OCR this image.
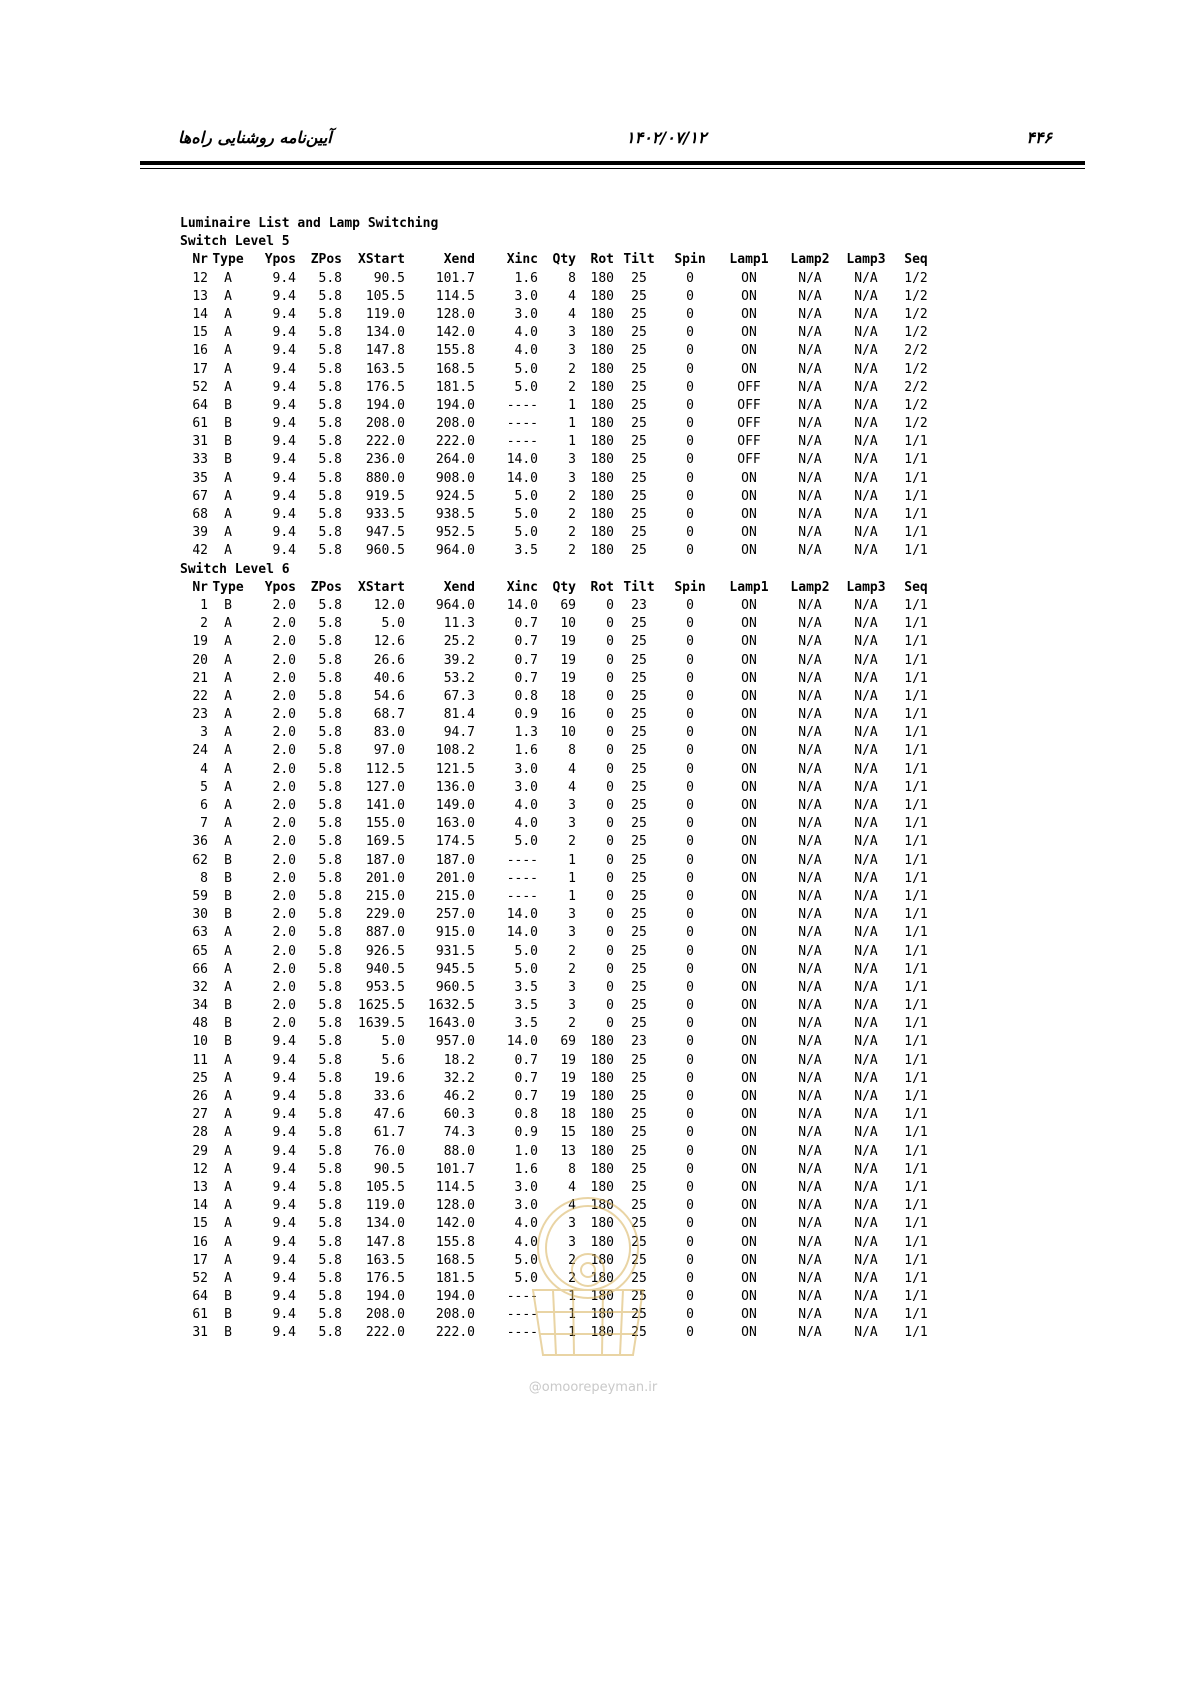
آیین‌نامه روشنایی راه‌ها	۱۴۰۲/۰۷/۱۲	۴۴۶
Luminaire List and Lamp Switching
Switch Level 5
Nr Type	Ypos	ZPos	XStart	Xend	Xinc	Qty	Rot Tilt	Spin	Lamp1	Lamp2	Lamp3	Seq
12	A	9.4	5.8	90.5	101.7	1.6	8	180	25	0	ON	N/A	N/A	1/2
13	A	9.4	5.8	105.5	114.5	3.0	4	180	25	0	ON	N/A	N/A	1/2
14	A	9.4	5.8	119.0	128.0	3.0	4	180	25	0	ON	N/A	N/A	1/2
15	A	9.4	5.8	134.0	142.0	4.0	3	180	25	0	ON	N/A	N/A	1/2
16	A	9.4	5.8	147.8	155.8	4.0	3	180	25	0	ON	N/A	N/A	2/2
17	A	9.4	5.8	163.5	168.5	5.0	2	180	25	0	ON	N/A	N/A	1/2
52	A	9.4	5.8	176.5	181.5	5.0	2	180	25	0	OFF	N/A	N/A	2/2
64	B	9.4	5.8	194.0	194.0	----	1	180	25	0	OFF	N/A	N/A	1/2
61	B	9.4	5.8	208.0	208.0	----	1	180	25	0	OFF	N/A	N/A	1/2
31	B	9.4	5.8	222.0	222.0	----	1	180	25	0	OFF	N/A	N/A	1/1
33	B	9.4	5.8	236.0	264.0	14.0	3	180	25	0	OFF	N/A	N/A	1/1
35	A	9.4	5.8	880.0	908.0	14.0	3	180	25	0	ON	N/A	N/A	1/1
67	A	9.4	5.8	919.5	924.5	5.0	2	180	25	0	ON	N/A	N/A	1/1
68	A	9.4	5.8	933.5	938.5	5.0	2	180	25	0	ON	N/A	N/A	1/1
39	A	9.4	5.8	947.5	952.5	5.0	2	180	25	0	ON	N/A	N/A	1/1
42	A	9.4	5.8	960.5	964.0	3.5	2	180	25	0	ON	N/A	N/A	1/1
Switch Level 6
Nr Type	Ypos	ZPos	XStart	Xend	Xinc	Qty	Rot Tilt	Spin	Lamp1	Lamp2	Lamp3	Seq
1	B	2.0	5.8	12.0	964.0	14.0	69	0	23	0	ON	N/A	N/A	1/1
2	A	2.0	5.8	5.0	11.3	0.7	10	0	25	0	ON	N/A	N/A	1/1
19	A	2.0	5.8	12.6	25.2	0.7	19	0	25	0	ON	N/A	N/A	1/1
20	A	2.0	5.8	26.6	39.2	0.7	19	0	25	0	ON	N/A	N/A	1/1
21	A	2.0	5.8	40.6	53.2	0.7	19	0	25	0	ON	N/A	N/A	1/1
22	A	2.0	5.8	54.6	67.3	0.8	18	0	25	0	ON	N/A	N/A	1/1
23	A	2.0	5.8	68.7	81.4	0.9	16	0	25	0	ON	N/A	N/A	1/1
3	A	2.0	5.8	83.0	94.7	1.3	10	0	25	0	ON	N/A	N/A	1/1
24	A	2.0	5.8	97.0	108.2	1.6	8	0	25	0	ON	N/A	N/A	1/1
4	A	2.0	5.8	112.5	121.5	3.0	4	0	25	0	ON	N/A	N/A	1/1
5	A	2.0	5.8	127.0	136.0	3.0	4	0	25	0	ON	N/A	N/A	1/1
6	A	2.0	5.8	141.0	149.0	4.0	3	0	25	0	ON	N/A	N/A	1/1
7	A	2.0	5.8	155.0	163.0	4.0	3	0	25	0	ON	N/A	N/A	1/1
36	A	2.0	5.8	169.5	174.5	5.0	2	0	25	0	ON	N/A	N/A	1/1
62	B	2.0	5.8	187.0	187.0	----	1	0	25	0	ON	N/A	N/A	1/1
8	B	2.0	5.8	201.0	201.0	----	1	0	25	0	ON	N/A	N/A	1/1
59	B	2.0	5.8	215.0	215.0	----	1	0	25	0	ON	N/A	N/A	1/1
30	B	2.0	5.8	229.0	257.0	14.0	3	0	25	0	ON	N/A	N/A	1/1
63	A	2.0	5.8	887.0	915.0	14.0	3	0	25	0	ON	N/A	N/A	1/1
65	A	2.0	5.8	926.5	931.5	5.0	2	0	25	0	ON	N/A	N/A	1/1
66	A	2.0	5.8	940.5	945.5	5.0	2	0	25	0	ON	N/A	N/A	1/1
32	A	2.0	5.8	953.5	960.5	3.5	3	0	25	0	ON	N/A	N/A	1/1
34	B	2.0	5.8	1625.5	1632.5	3.5	3	0	25	0	ON	N/A	N/A	1/1
48	B	2.0	5.8	1639.5	1643.0	3.5	2	0	25	0	ON	N/A	N/A	1/1
10	B	9.4	5.8	5.0	957.0	14.0	69	180	23	0	ON	N/A	N/A	1/1
11	A	9.4	5.8	5.6	18.2	0.7	19	180	25	0	ON	N/A	N/A	1/1
25	A	9.4	5.8	19.6	32.2	0.7	19	180	25	0	ON	N/A	N/A	1/1
26	A	9.4	5.8	33.6	46.2	0.7	19	180	25	0	ON	N/A	N/A	1/1
27	A	9.4	5.8	47.6	60.3	0.8	18	180	25	0	ON	N/A	N/A	1/1
28	A	9.4	5.8	61.7	74.3	0.9	15	180	25	0	ON	N/A	N/A	1/1
29	A	9.4	5.8	76.0	88.0	1.0	13	180	25	0	ON	N/A	N/A	1/1
12	A	9.4	5.8	90.5	101.7	1.6	8	180	25	0	ON	N/A	N/A	1/1
13	A	9.4	5.8	105.5	114.5	3.0	4	180	25	0	ON	N/A	N/A	1/1
14	A	9.4	5.8	119.0	128.0	3.0	4	180	25	0	ON	N/A	N/A	1/1
15	A	9.4	5.8	134.0	142.0	4.0	3	180	25	0	ON	N/A	N/A	1/1
16	A	9.4	5.8	147.8	155.8	4.0	3	180	25	0	ON	N/A	N/A	1/1
17	A	9.4	5.8	163.5	168.5	5.0	2	180	25	0	ON	N/A	N/A	1/1
52	A	9.4	5.8	176.5	181.5	5.0	2	180	25	0	ON	N/A	N/A	1/1
64	B	9.4	5.8	194.0	194.0	----	1	180	25	0	ON	N/A	N/A	1/1
61	B	9.4	5.8	208.0	208.0	----	1	180	25	0	ON	N/A	N/A	1/1
31	B	9.4	5.8	222.0	222.0	----	1	180	25	0	ON	N/A	N/A	1/1
@omoorepeyman.ir
